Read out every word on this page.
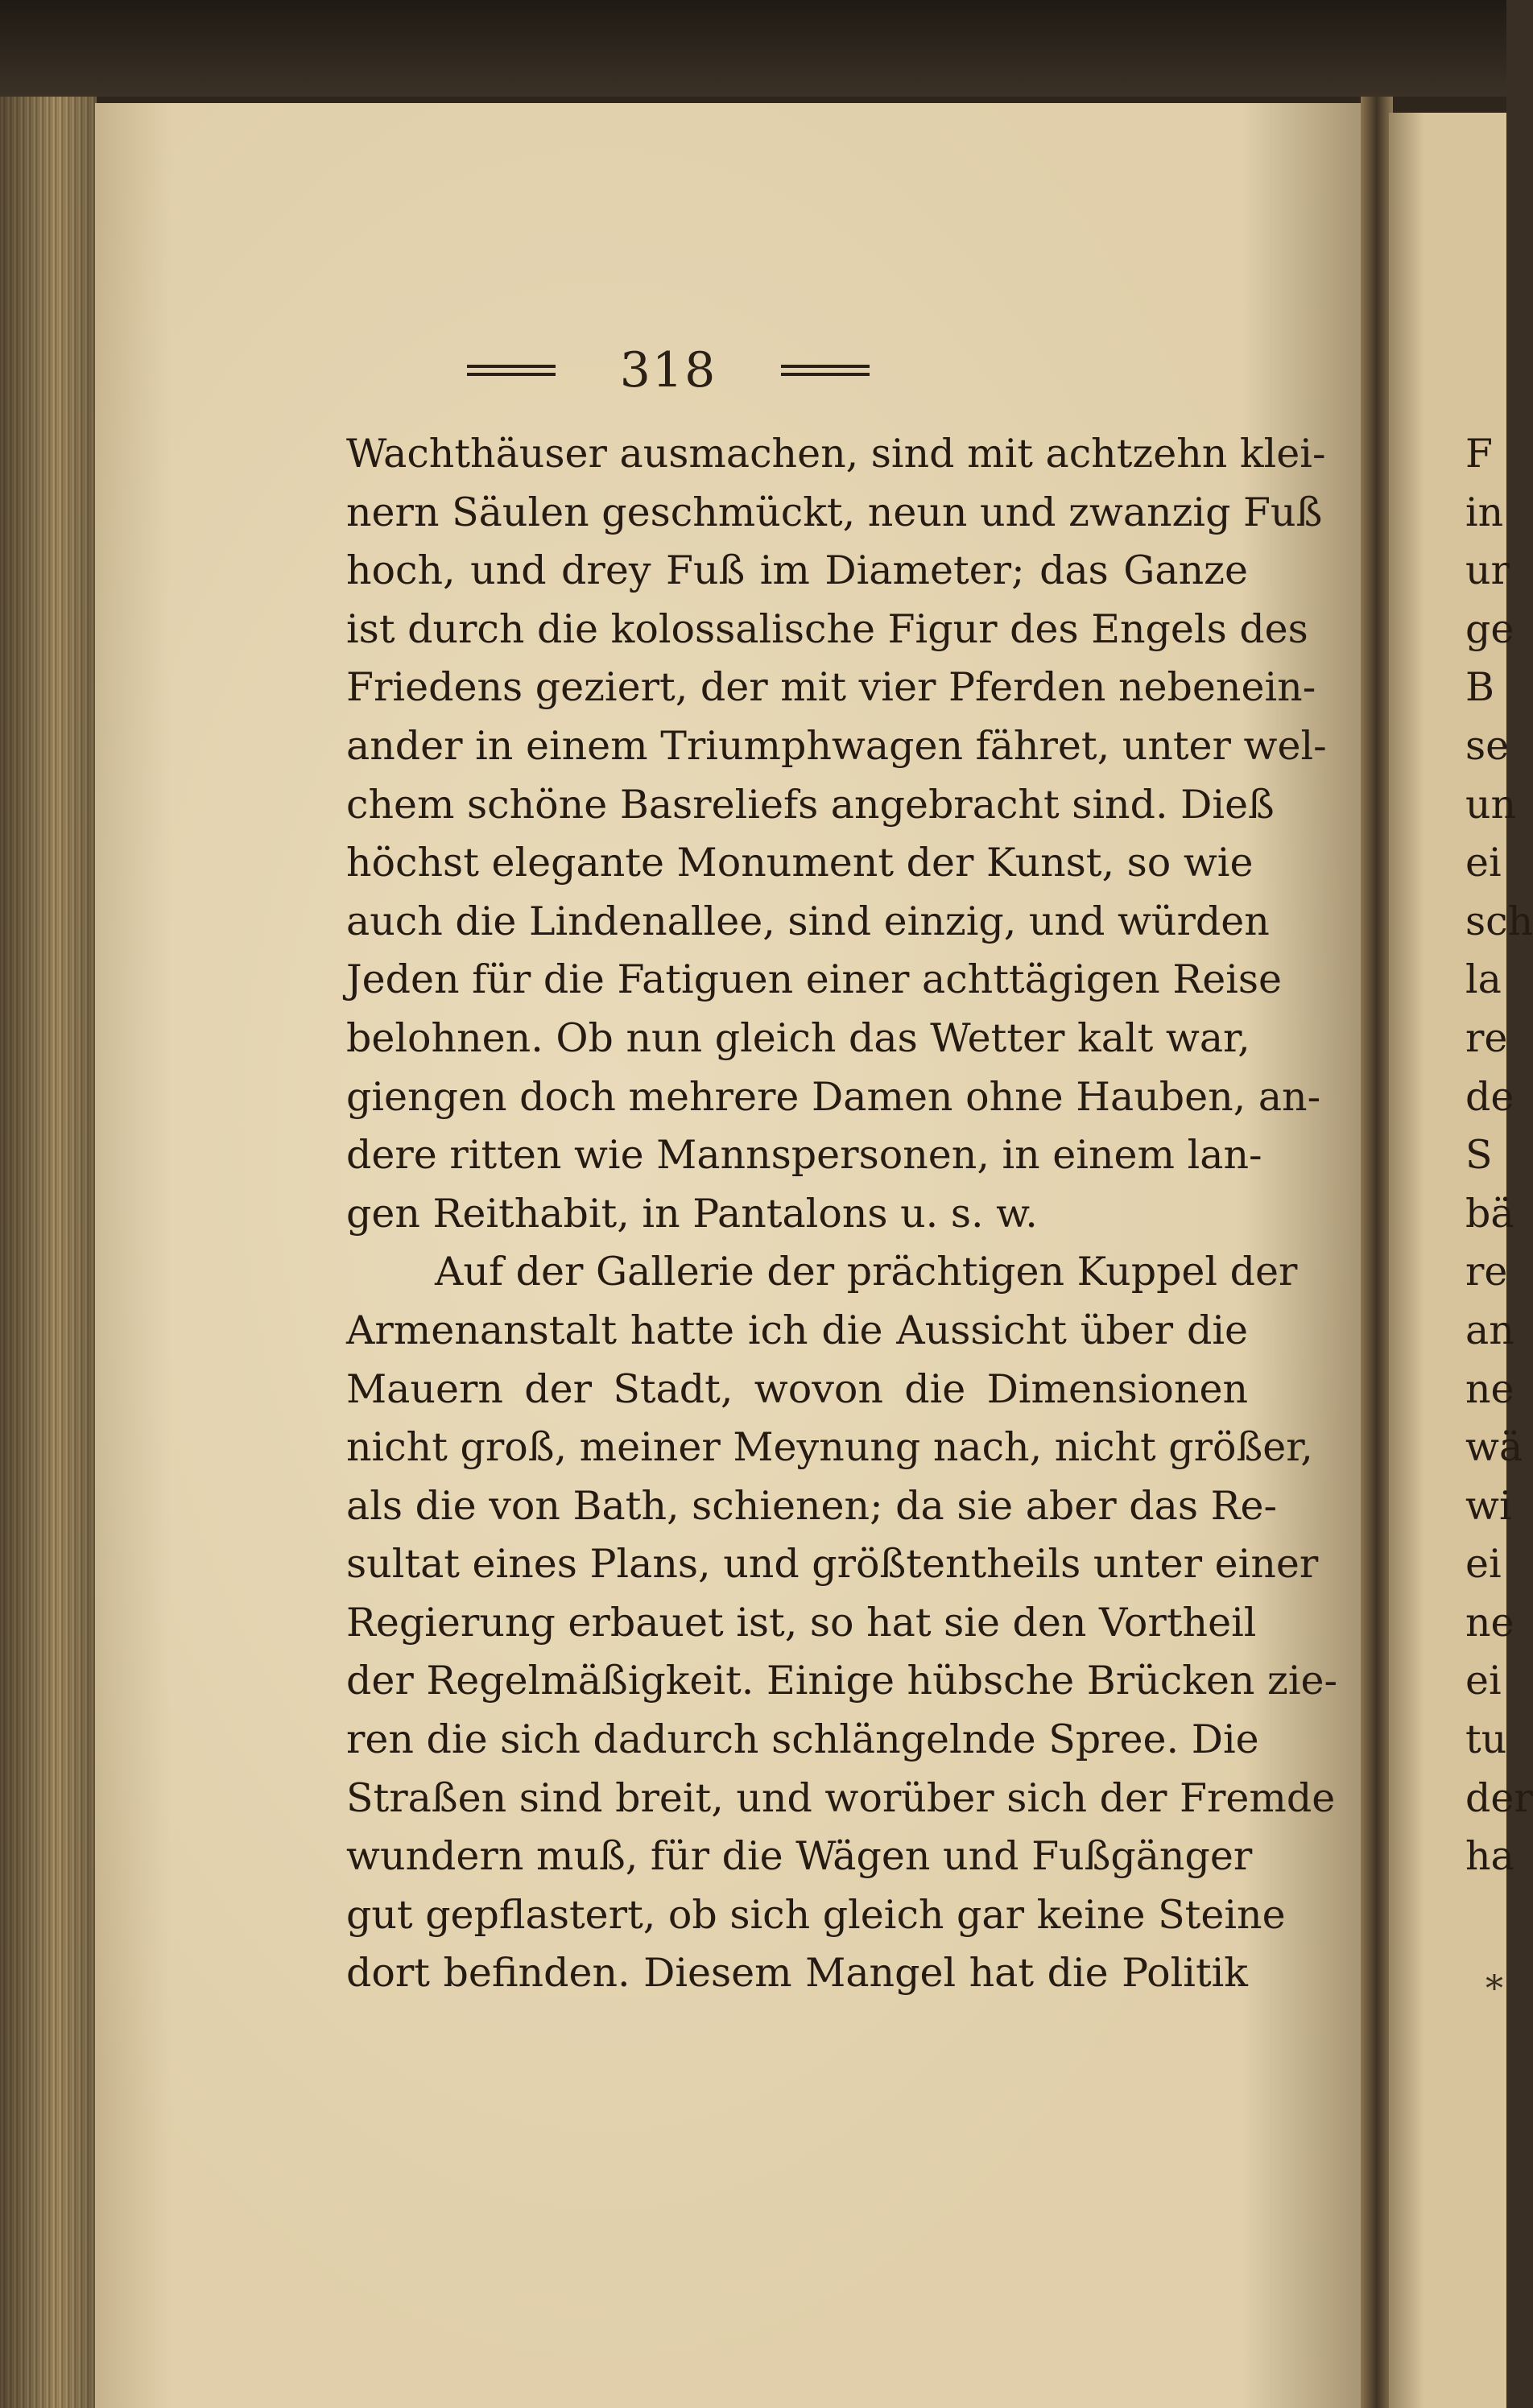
318
Wachthäuser ausmachen, sind mit achtzehn klei-
nern Säulen geschmückt, neun und zwanzig Fuß
hoch, und drey Fuß im Diameter; das Ganze
ist durch die kolossalische Figur des Engels des
Friedens geziert, der mit vier Pferden nebenein-
ander in einem Triumphwagen fähret, unter wel-
chem schöne Basreliefs angebracht sind. Dieß
höchst elegante Monument der Kunst, so wie
auch die Lindenallee, sind einzig, und würden
Jeden für die Fatiguen einer achttägigen Reise
belohnen. Ob nun gleich das Wetter kalt war,
giengen doch mehrere Damen ohne Hauben, an-
dere ritten wie Mannspersonen, in einem lan-
gen Reithabit, in Pantalons u. s. w.
Auf der Gallerie der prächtigen Kuppel der
Armenanstalt hatte ich die Aussicht über die
Mauern der Stadt, wovon die Dimensionen
nicht groß, meiner Meynung nach, nicht größer,
als die von Bath, schienen; da sie aber das Re-
sultat eines Plans, und größtentheils unter einer
Regierung erbauet ist, so hat sie den Vortheil
der Regelmäßigkeit. Einige hübsche Brücken zie-
ren die sich dadurch schlängelnde Spree. Die
Straßen sind breit, und worüber sich der Fremde
wundern muß, für die Wägen und Fußgänger
gut gepflastert, ob sich gleich gar keine Steine
dort befinden. Diesem Mangel hat die Politik
F
in
ur
ge
B
se
un
ei
sch
la
re
de
S
bä
re
an
ne
wä
wi
ei
ne
ei
tu
der
ha
*
